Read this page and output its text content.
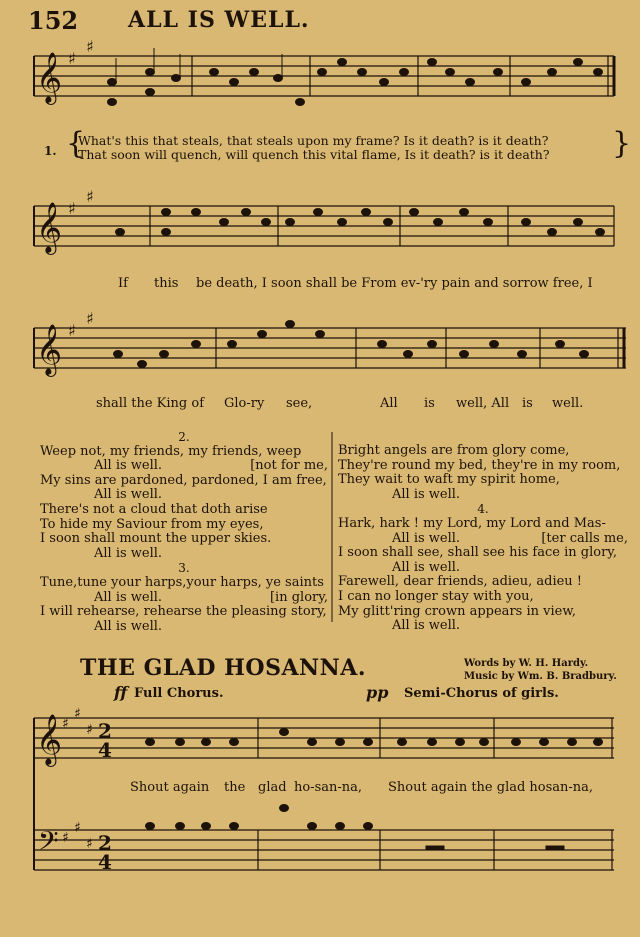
152 ALL IS WELL.
𝄞
𝄞
𝄞
𝄞
𝄢
♯
♯
♯
♯
♯
♯
♯
♯
♯
♯
♯
♯
2
4
2
4
1. {
What's this that steals, that steals upon my frame? Is it death? is it death?
That soon will quench, will quench this vital flame, Is it death? is it death? }
If this be death, I soon shall be From ev-'ry pain and sorrow free, I
shall the King of Glo-ry see,	All is well, All is well.
2.
Weep not, my friends, my friends, weep
All is well.	[not for me,
My sins are pardoned, pardoned, I am free,
All is well.
There's not a cloud that doth arise
To hide my Saviour from my eyes,
I soon shall mount the upper skies.
All is well.
3.
Tune,tune your harps,your harps, ye saints
All is well.	[in glory,
I will rehearse, rehearse the pleasing story,
All is well.
Bright angels are from glory come,
They're round my bed, they're in my room,
They wait to waft my spirit home,
All is well.
4.
Hark, hark ! my Lord, my Lord and Mas-
All is well.	[ter calls me,
I soon shall see, shall see his face in glory,
All is well.
Farewell, dear friends, adieu, adieu !
I can no longer stay with you,
My glitt'ring crown appears in view,
All is well.
THE GLAD HOSANNA.	Words by W. H. Hardy.
Music by Wm. B. Bradbury.
ff Full Chorus.	pp Semi-Chorus of girls.
Shout again the glad ho-san-na, Shout again the glad hosan-na,
